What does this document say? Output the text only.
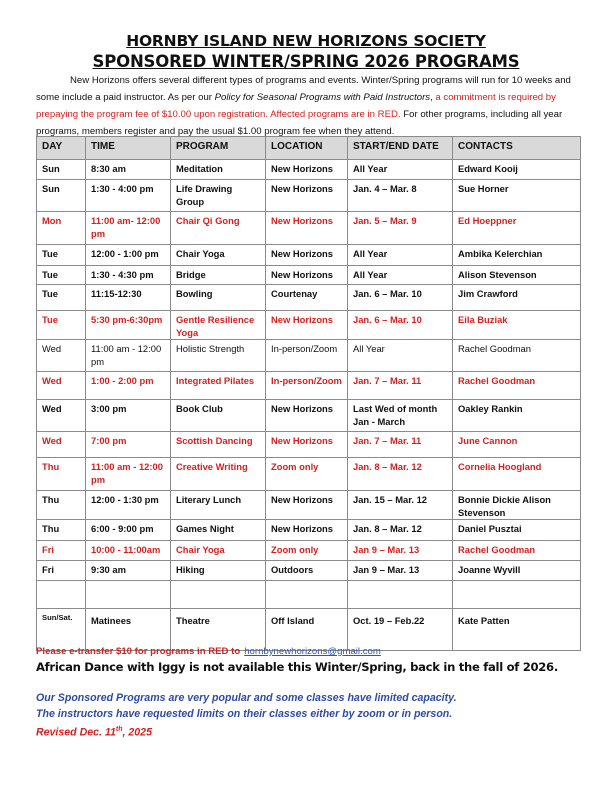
HORNBY ISLAND NEW HORIZONS SOCIETY
SPONSORED WINTER/SPRING 2026 PROGRAMS
New Horizons offers several different types of programs and events. Winter/Spring programs will run for 10 weeks and some include a paid instructor. As per our Policy for Seasonal Programs with Paid Instructors, a commitment is required by prepaying the program fee of $10.00 upon registration. Affected programs are in RED. For other programs, including all year programs, members register and pay the usual $1.00 program fee when they attend.
DAY	TIME	PROGRAM	LOCATION	START/END DATE	CONTACTS
Sun	8:30 am	Meditation	New Horizons	All Year	Edward Kooij
Sun	1:30 - 4:00 pm	Life Drawing Group	New Horizons	Jan. 4 – Mar. 8	Sue Horner
Mon	11:00 am- 12:00 pm	Chair Qi Gong	New Horizons	Jan. 5 – Mar. 9	Ed Hoeppner
Tue	12:00 - 1:00 pm	Chair Yoga	New Horizons	All Year	Ambika Kelerchian
Tue	1:30 - 4:30 pm	Bridge	New Horizons	All Year	Alison Stevenson
Tue	11:15-12:30	Bowling	Courtenay	Jan. 6 – Mar. 10	Jim Crawford
Tue	5:30 pm-6:30pm	Gentle Resilience Yoga	New Horizons	Jan. 6 – Mar. 10	Eila Buziak
Wed	11:00 am - 12:00 pm	Holistic Strength	In-person/Zoom	All Year	Rachel Goodman
Wed	1:00 - 2:00 pm	Integrated Pilates	In-person/Zoom	Jan. 7 – Mar. 11	Rachel Goodman
Wed	3:00 pm	Book Club	New Horizons	Last Wed of month Jan - March	Oakley Rankin
Wed	7:00 pm	Scottish Dancing	New Horizons	Jan. 7 – Mar. 11	June Cannon
Thu	11:00 am - 12:00 pm	Creative Writing	Zoom only	Jan. 8 – Mar. 12	Cornelia Hoogland
Thu	12:00 - 1:30 pm	Literary Lunch	New Horizons	Jan. 15 – Mar. 12	Bonnie Dickie Alison Stevenson
Thu	6:00 - 9:00 pm	Games Night	New Horizons	Jan. 8 – Mar. 12	Daniel Pusztai
Fri	10:00 - 11:00am	Chair Yoga	Zoom only	Jan 9 – Mar. 13	Rachel Goodman
Fri	9:30 am	Hiking	Outdoors	Jan 9 – Mar. 13	Joanne Wyvill

Sun/Sat.	Matinees	Theatre	Off Island	Oct. 19 – Feb.22	Kate Patten
Please e-transfer $10 for programs in RED to hornbynewhorizons@gmail.com
African Dance with Iggy is not available this Winter/Spring, back in the fall of 2026.
Our Sponsored Programs are very popular and some classes have limited capacity.
The instructors have requested limits on their classes either by zoom or in person.
Revised Dec. 11th, 2025
